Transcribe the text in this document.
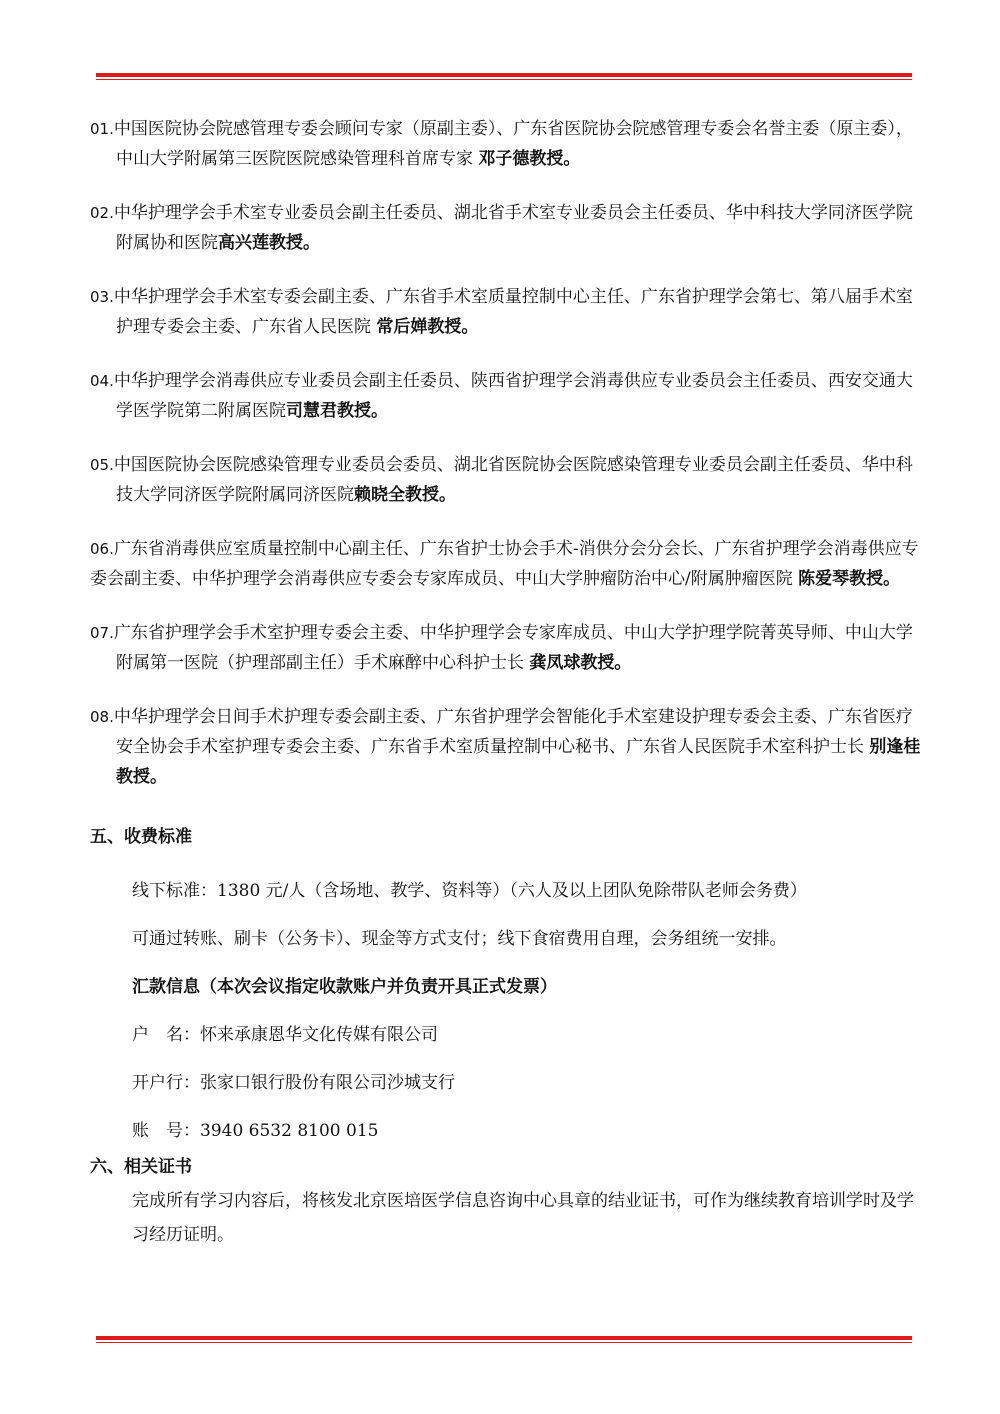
01.中国医院协会院感管理专委会顾问专家（原副主委）、广东省医院协会院感管理专委会名誉主委（原主委），中山大学附属第三医院医院感染管理科首席专家 邓子德教授。

02.中华护理学会手术室专业委员会副主任委员、湖北省手术室专业委员会主任委员、华中科技大学同济医学院附属协和医院高兴莲教授。

03.中华护理学会手术室专委会副主委、广东省手术室质量控制中心主任、广东省护理学会第七、第八届手术室护理专委会主委、广东省人民医院 常后婵教授。

04.中华护理学会消毒供应专业委员会副主任委员、陕西省护理学会消毒供应专业委员会主任委员、西安交通大学医学院第二附属医院司慧君教授。

05.中国医院协会医院感染管理专业委员会委员、湖北省医院协会医院感染管理专业委员会副主任委员、华中科技大学同济医学院附属同济医院赖晓全教授。

06.广东省消毒供应室质量控制中心副主任、广东省护士协会手术-消供分会分会长、广东省护理学会消毒供应专委会副主委、中华护理学会消毒供应专委会专家库成员、中山大学肿瘤防治中心/附属肿瘤医院 陈爱琴教授。

07.广东省护理学会手术室护理专委会主委、中华护理学会专家库成员、中山大学护理学院菁英导师、中山大学附属第一医院（护理部副主任）手术麻醉中心科护士长 龚凤球教授。

08.中华护理学会日间手术护理专委会副主委、广东省护理学会智能化手术室建设护理专委会主委、广东省医疗安全协会手术室护理专委会主委、广东省手术室质量控制中心秘书、广东省人民医院手术室科护士长 别逢桂教授。

五、收费标准

线下标准：1380 元/人（含场地、教学、资料等）（六人及以上团队免除带队老师会务费）

可通过转账、刷卡（公务卡）、现金等方式支付；线下食宿费用自理，会务组统一安排。

汇款信息（本次会议指定收款账户并负责开具正式发票）

户　名：怀来承康恩华文化传媒有限公司

开户行：张家口银行股份有限公司沙城支行

账　号：3940 6532 8100 015

六、相关证书

完成所有学习内容后，将核发北京医培医学信息咨询中心具章的结业证书，可作为继续教育培训学时及学习经历证明。
